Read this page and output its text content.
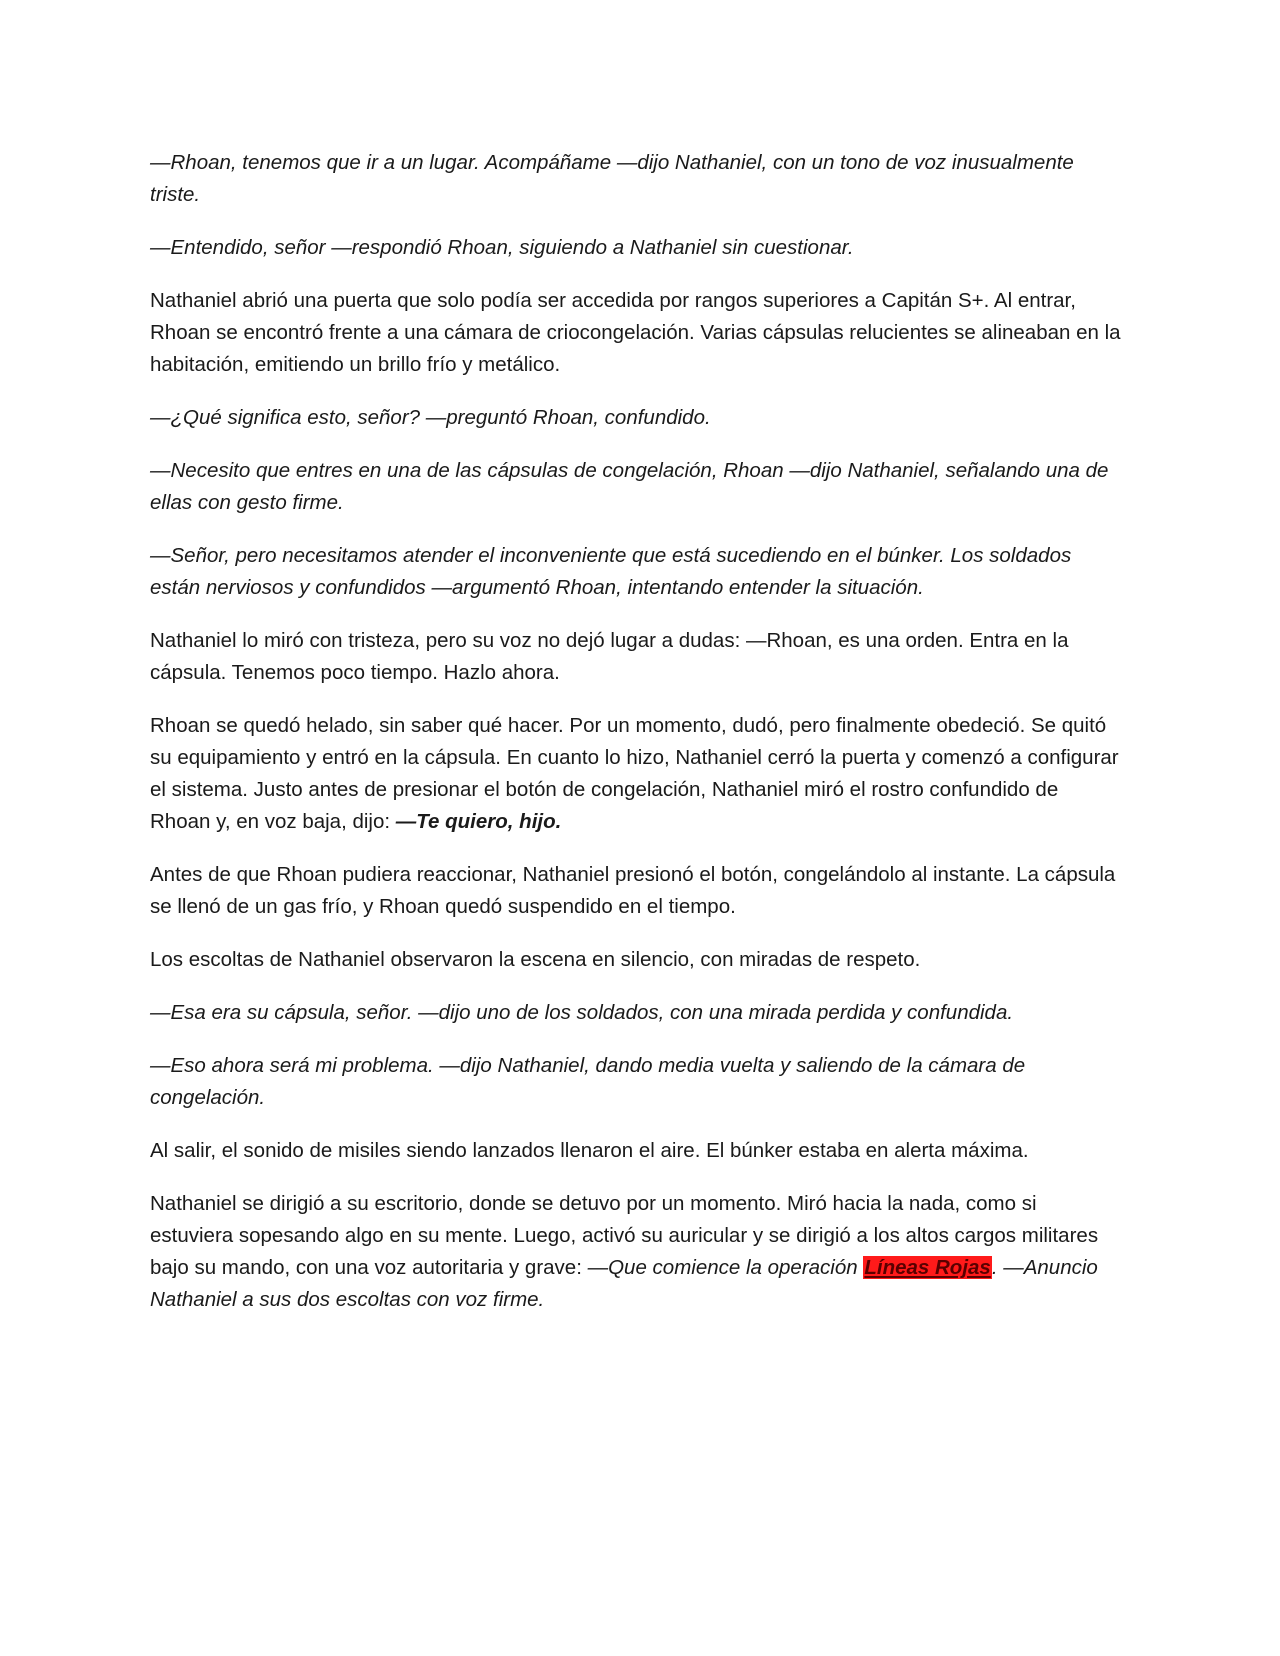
—Rhoan, tenemos que ir a un lugar. Acompáñame —dijo Nathaniel, con un tono de voz inusualmente triste.

—Entendido, señor —respondió Rhoan, siguiendo a Nathaniel sin cuestionar.

Nathaniel abrió una puerta que solo podía ser accedida por rangos superiores a Capitán S+. Al entrar, Rhoan se encontró frente a una cámara de criocongelación. Varias cápsulas relucientes se alineaban en la habitación, emitiendo un brillo frío y metálico.

—¿Qué significa esto, señor? —preguntó Rhoan, confundido.

—Necesito que entres en una de las cápsulas de congelación, Rhoan —dijo Nathaniel, señalando una de ellas con gesto firme.

—Señor, pero necesitamos atender el inconveniente que está sucediendo en el búnker. Los soldados están nerviosos y confundidos —argumentó Rhoan, intentando entender la situación.

Nathaniel lo miró con tristeza, pero su voz no dejó lugar a dudas: —Rhoan, es una orden. Entra en la cápsula. Tenemos poco tiempo. Hazlo ahora.

Rhoan se quedó helado, sin saber qué hacer. Por un momento, dudó, pero finalmente obedeció. Se quitó su equipamiento y entró en la cápsula. En cuanto lo hizo, Nathaniel cerró la puerta y comenzó a configurar el sistema. Justo antes de presionar el botón de congelación, Nathaniel miró el rostro confundido de Rhoan y, en voz baja, dijo: —Te quiero, hijo.

Antes de que Rhoan pudiera reaccionar, Nathaniel presionó el botón, congelándolo al instante. La cápsula se llenó de un gas frío, y Rhoan quedó suspendido en el tiempo.

Los escoltas de Nathaniel observaron la escena en silencio, con miradas de respeto.

—Esa era su cápsula, señor. —dijo uno de los soldados, con una mirada perdida y confundida.

—Eso ahora será mi problema. —dijo Nathaniel, dando media vuelta y saliendo de la cámara de congelación.

Al salir, el sonido de misiles siendo lanzados llenaron el aire. El búnker estaba en alerta máxima.

Nathaniel se dirigió a su escritorio, donde se detuvo por un momento. Miró hacia la nada, como si estuviera sopesando algo en su mente. Luego, activó su auricular y se dirigió a los altos cargos militares bajo su mando, con una voz autoritaria y grave: —Que comience la operación Líneas Rojas. —Anuncio Nathaniel a sus dos escoltas con voz firme.
